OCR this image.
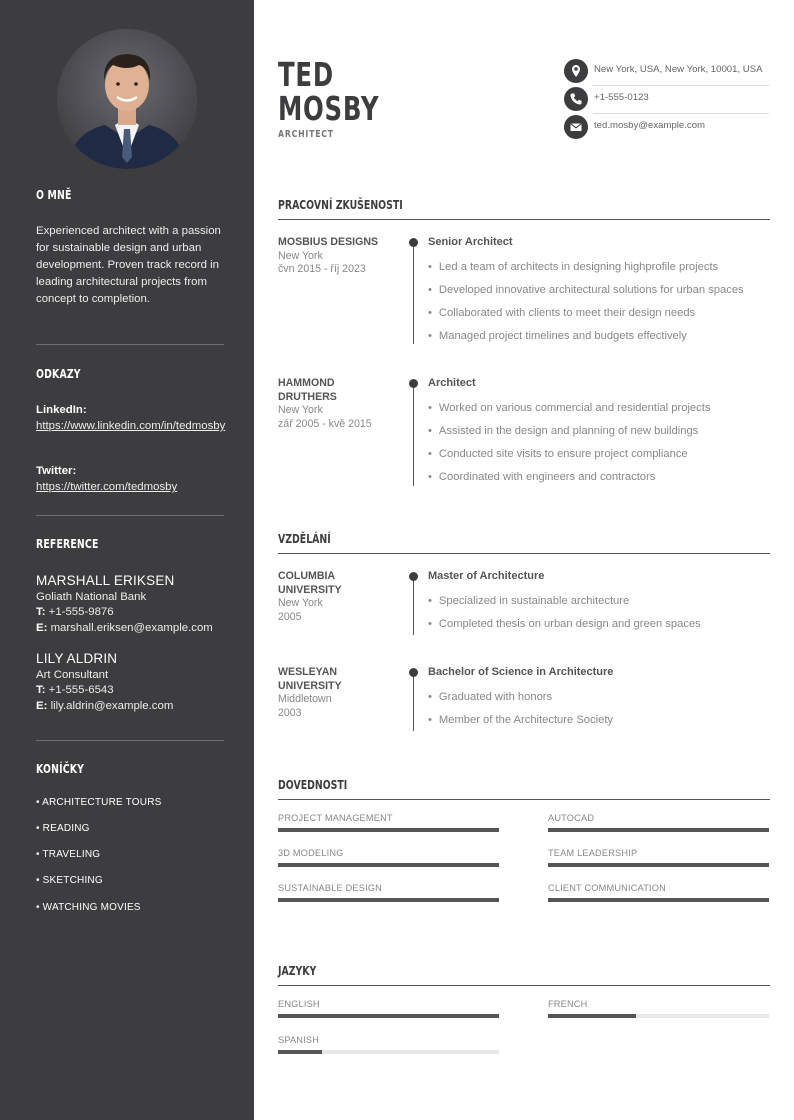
O MNĚ
Experienced architect with a passion for sustainable design and urban development. Proven track record in leading architectural projects from concept to completion.
ODKAZY
LinkedIn:
https://www.linkedin.com/in/tedmosby
Twitter:
https://twitter.com/tedmosby
REFERENCE
MARSHALL ERIKSEN
Goliath National Bank
T: +1-555-9876
E: marshall.eriksen@example.com
LILY ALDRIN
Art Consultant
T: +1-555-6543
E: lily.aldrin@example.com
KONÍČKY
• ARCHITECTURE TOURS
• READING
• TRAVELING
• SKETCHING
• WATCHING MOVIES
TED
MOSBY
ARCHITECT
New York, USA, New York, 10001, USA
+1-555-0123
ted.mosby@example.com
PRACOVNÍ ZKUŠENOSTI
MOSBIUS DESIGNS
New York
čvn 2015 - říj 2023
Senior Architect
• Led a team of architects in designing highprofile projects
• Developed innovative architectural solutions for urban spaces
• Collaborated with clients to meet their design needs
• Managed project timelines and budgets effectively
HAMMOND
DRUTHERS
New York
zář 2005 - kvě 2015
Architect
• Worked on various commercial and residential projects
• Assisted in the design and planning of new buildings
• Conducted site visits to ensure project compliance
• Coordinated with engineers and contractors
VZDĚLÁNÍ
COLUMBIA
UNIVERSITY
New York
2005
Master of Architecture
• Specialized in sustainable architecture
• Completed thesis on urban design and green spaces
WESLEYAN
UNIVERSITY
Middletown
2003
Bachelor of Science in Architecture
• Graduated with honors
• Member of the Architecture Society
DOVEDNOSTI
PROJECT MANAGEMENT	AUTOCAD
3D MODELING	TEAM LEADERSHIP
SUSTAINABLE DESIGN	CLIENT COMMUNICATION
JAZYKY
ENGLISH	FRENCH
SPANISH
